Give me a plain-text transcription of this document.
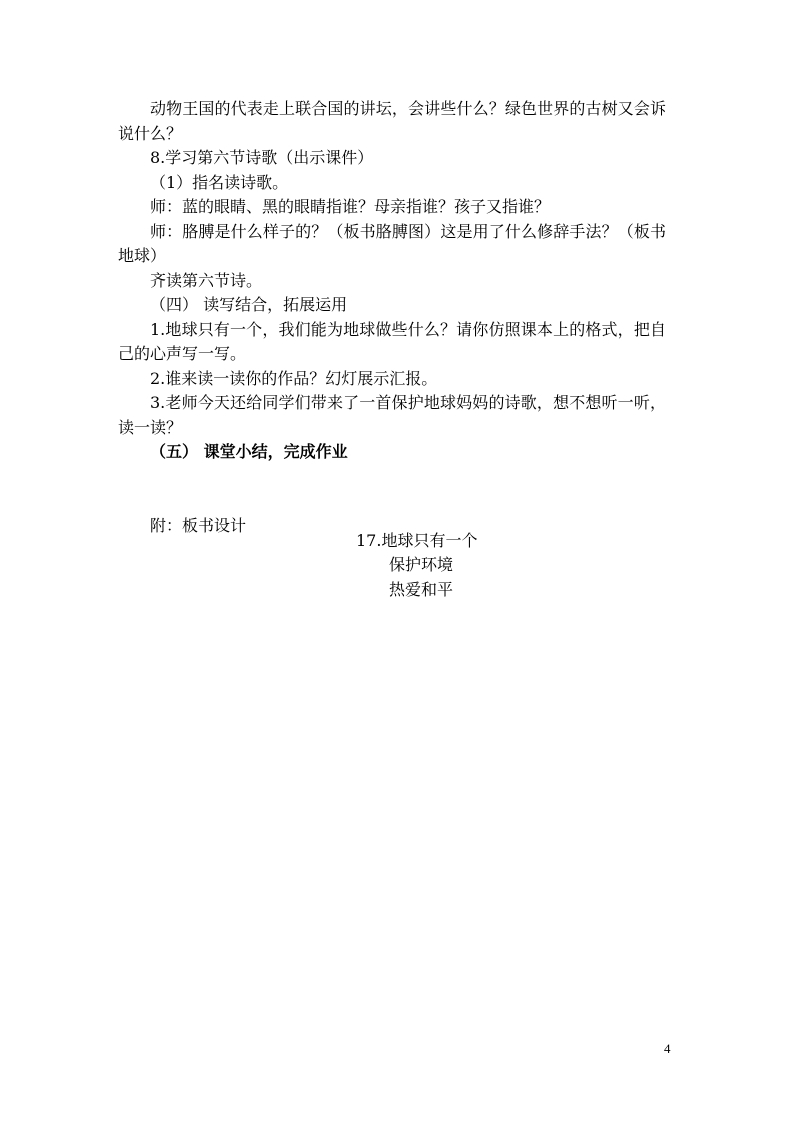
动物王国的代表走上联合国的讲坛，会讲些什么？绿色世界的古树又会诉说什么？

8.学习第六节诗歌（出示课件）

（1）指名读诗歌。

师：蓝的眼睛、黑的眼睛指谁？母亲指谁？孩子又指谁？

师：胳膊是什么样子的？（板书胳膊图）这是用了什么修辞手法？（板书地球）

齐读第六节诗。

（四） 读写结合，拓展运用

1.地球只有一个，我们能为地球做些什么？请你仿照课本上的格式，把自己的心声写一写。

2.谁来读一读你的作品？幻灯展示汇报。

3.老师今天还给同学们带来了一首保护地球妈妈的诗歌，想不想听一听，读一读？

（五） 课堂小结，完成作业

附：板书设计

17.地球只有一个

保护环境

热爱和平

4
